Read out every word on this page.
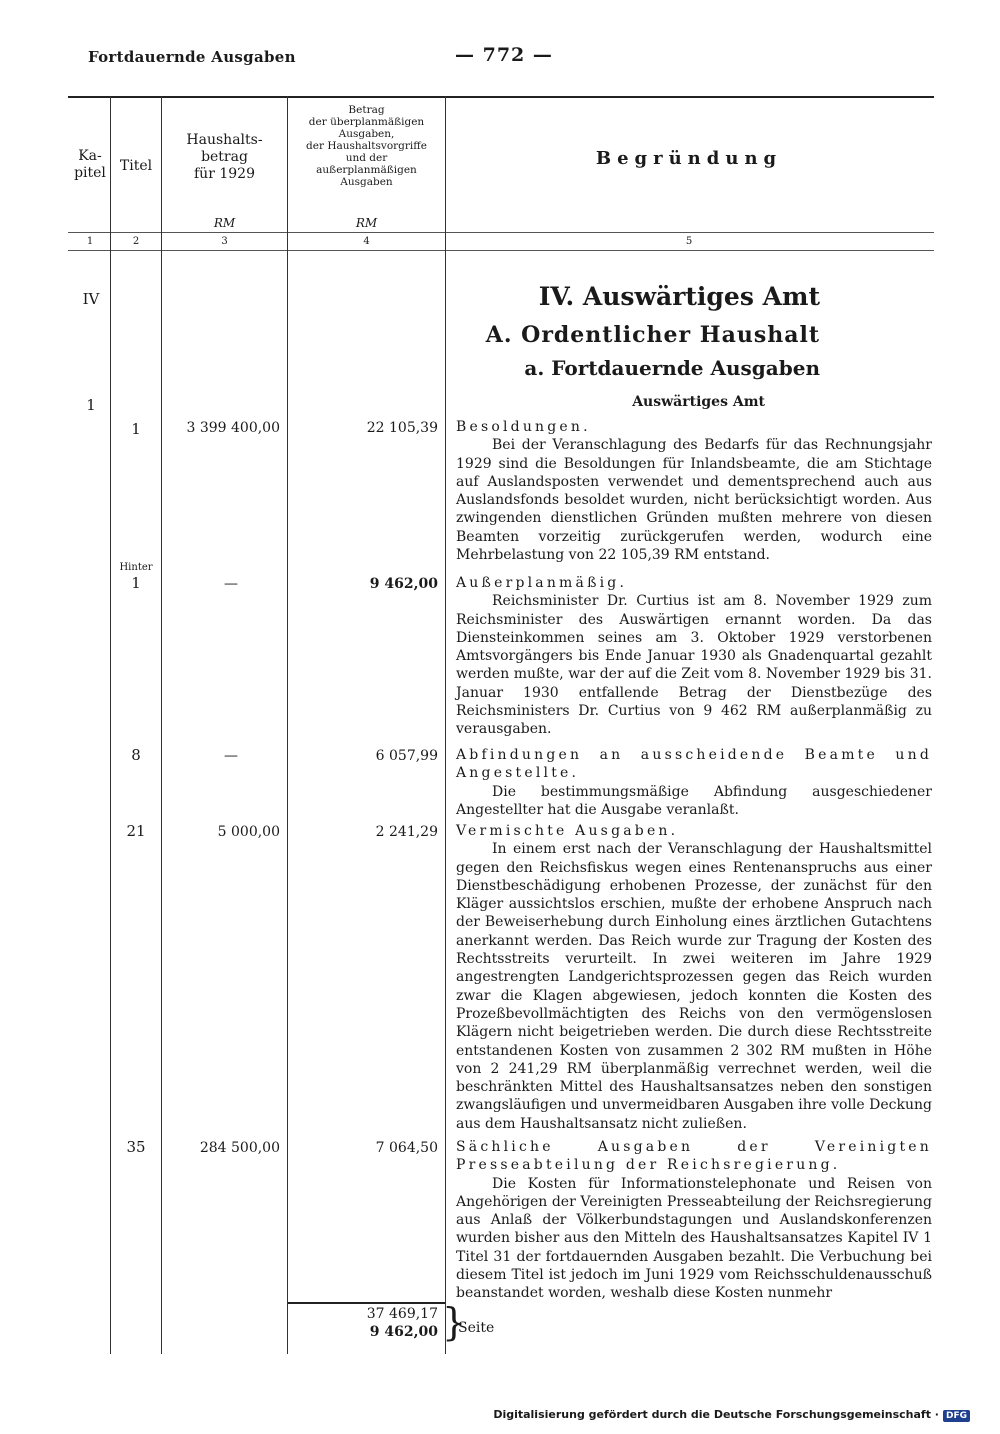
Fortdauernde Ausgaben	— 772 —
Ka-
pitel Titel
Haushalts-
betrag
für 1929
Betrag
der überplanmäßigen
Ausgaben,
der Haushaltsvorgriffe
und der
außerplanmäßigen
Ausgaben
Begründung
RM	RM
1	2	3	4	5
IV
1
IV. Auswärtiges Amt
A. Ordentlicher Haushalt
a. Fortdauernde Ausgaben
Auswärtiges Amt
1	3 399 400,00	22 105,39 Besoldungen.
Bei der Veranschlagung des Bedarfs für das Rechnungsjahr 1929 sind die Besoldungen für Inlandsbeamte, die am Stichtage auf Auslandsposten verwendet und dementsprechend auch aus Auslandsfonds besoldet wurden, nicht berücksichtigt worden. Aus zwingenden dienstlichen Gründen mußten mehrere von diesen Beamten vorzeitig zurückgerufen werden, wodurch eine Mehrbelastung von 22 105,39 RM entstand.
Hinter
1	—	9 462,00 Außerplanmäßig.
Reichsminister Dr. Curtius ist am 8. November 1929 zum Reichsminister des Auswärtigen ernannt worden. Da das Diensteinkommen seines am 3. Oktober 1929 verstorbenen Amtsvorgängers bis Ende Januar 1930 als Gnadenquartal gezahlt werden mußte, war der auf die Zeit vom 8. November 1929 bis 31. Januar 1930 entfallende Betrag der Dienstbezüge des Reichsministers Dr. Curtius von 9 462 RM außerplanmäßig zu verausgaben.
8	—	6 057,99 Abfindungen an ausscheidende Beamte und Angestellte.
Die bestimmungsmäßige Abfindung ausgeschiedener Angestellter hat die Ausgabe veranlaßt.
21	5 000,00	2 241,29 Vermischte Ausgaben.
In einem erst nach der Veranschlagung der Haushaltsmittel gegen den Reichsfiskus wegen eines Rentenanspruchs aus einer Dienstbeschädigung erhobenen Prozesse, der zunächst für den Kläger aussichtslos erschien, mußte der erhobene Anspruch nach der Beweiserhebung durch Einholung eines ärztlichen Gutachtens anerkannt werden. Das Reich wurde zur Tragung der Kosten des Rechtsstreits verurteilt. In zwei weiteren im Jahre 1929 angestrengten Landgerichtsprozessen gegen das Reich wurden zwar die Klagen abgewiesen, jedoch konnten die Kosten des Prozeßbevollmächtigten des Reichs von den vermögenslosen Klägern nicht beigetrieben werden. Die durch diese Rechtsstreite entstandenen Kosten von zusammen 2 302 RM mußten in Höhe von 2 241,29 RM überplanmäßig verrechnet werden, weil die beschränkten Mittel des Haushaltsansatzes neben den sonstigen zwangsläufigen und unvermeidbaren Ausgaben ihre volle Deckung aus dem Haushaltsansatz nicht zuließen.
35	284 500,00	7 064,50 Sächliche Ausgaben der Vereinigten Presseabteilung der Reichsregierung.
Die Kosten für Informationstelephonate und Reisen von Angehörigen der Vereinigten Presseabteilung der Reichsregierung aus Anlaß der Völkerbundstagungen und Auslandskonferenzen wurden bisher aus den Mitteln des Haushaltsansatzes Kapitel IV 1 Titel 31 der fortdauernden Ausgaben bezahlt. Die Verbuchung bei diesem Titel ist jedoch im Juni 1929 vom Reichsschuldenausschuß beanstandet worden, weshalb diese Kosten nunmehr
37 469,17
9 462,00 }
Seite
Digitalisierung gefördert durch die Deutsche Forschungsgemeinschaft · DFG
